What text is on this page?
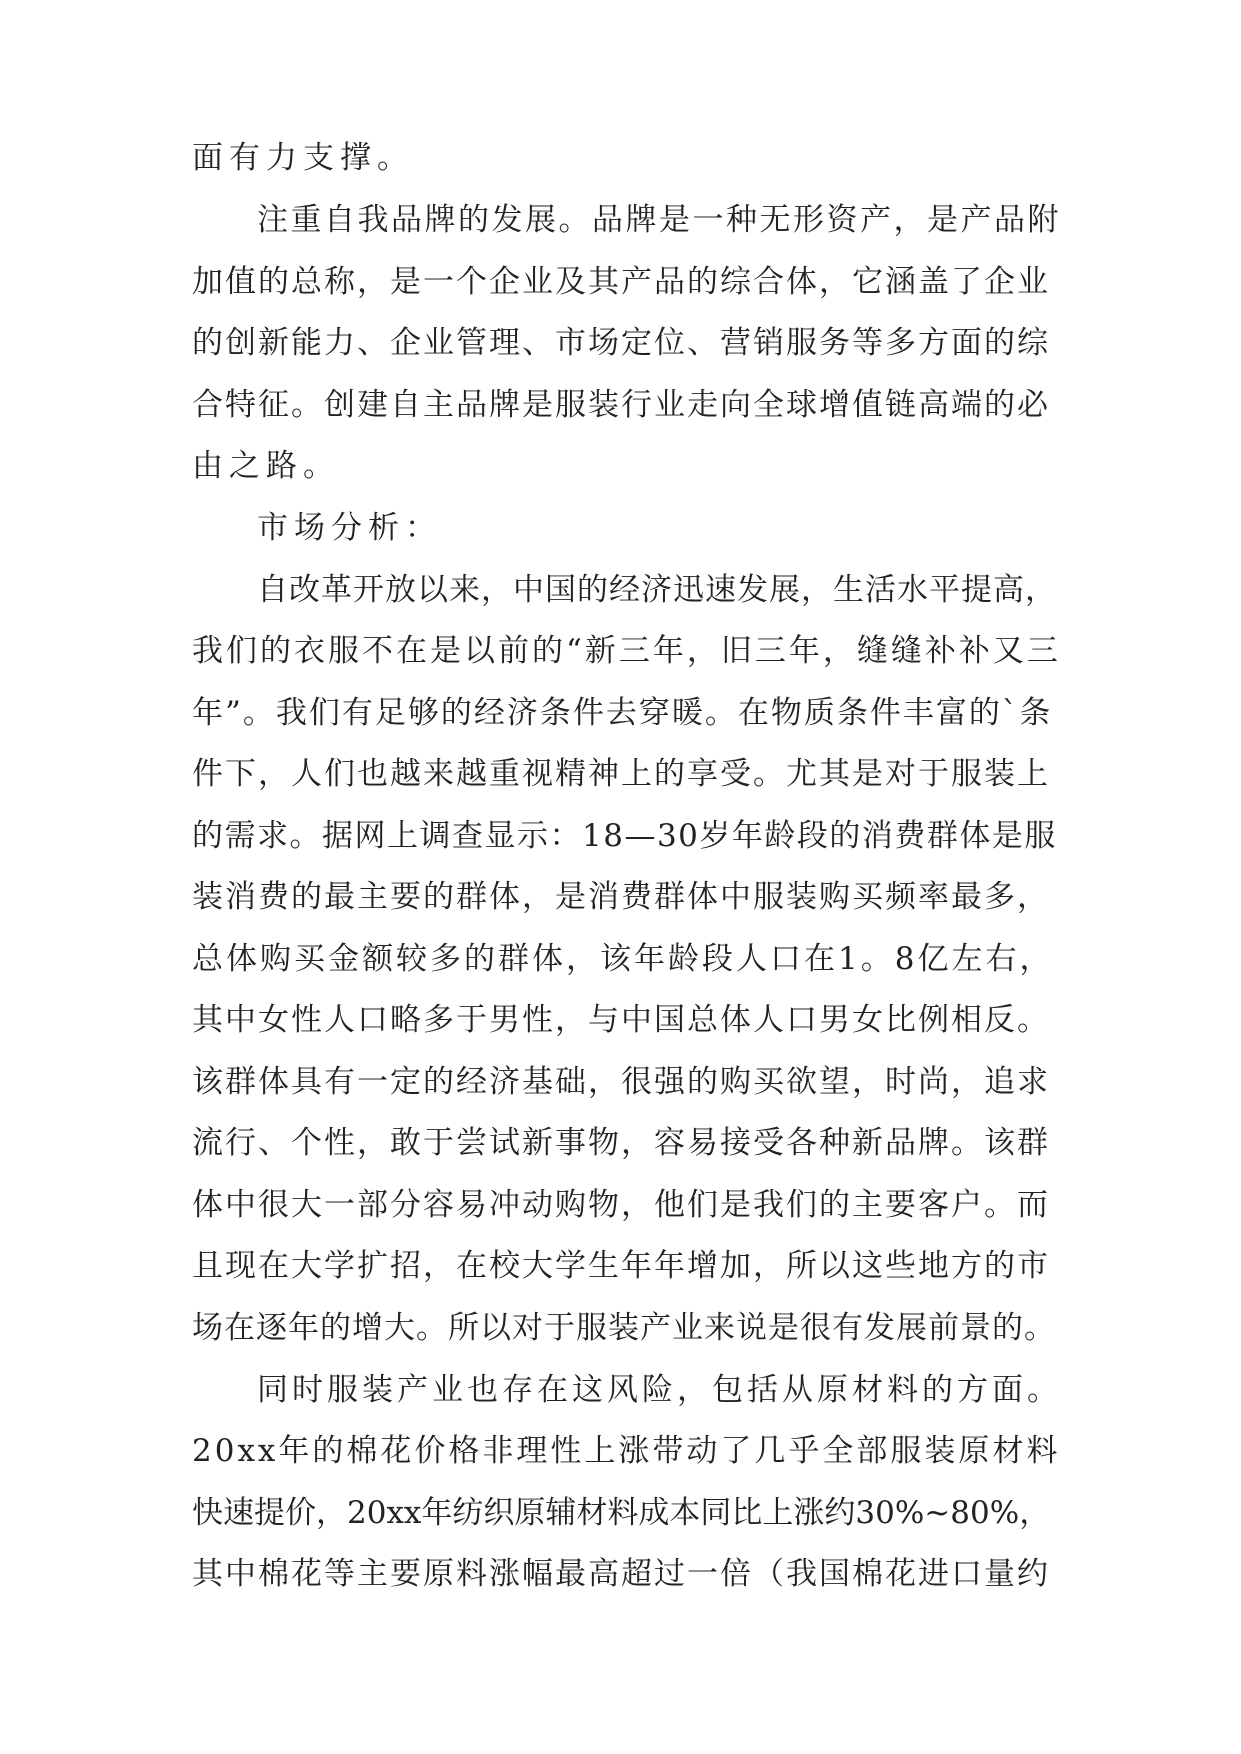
面有力支撑。
注重自我品牌的发展。品牌是一种无形资产，是产品附
加值的总称，是一个企业及其产品的综合体，它涵盖了企业
的创新能力、企业管理、市场定位、营销服务等多方面的综
合特征。创建自主品牌是服装行业走向全球增值链高端的必
由之路。
市场分析：
自改革开放以来，中国的经济迅速发展，生活水平提高，
我们的衣服不在是以前的“新三年，旧三年，缝缝补补又三
年”。我们有足够的经济条件去穿暖。在物质条件丰富的`条
件下，人们也越来越重视精神上的享受。尤其是对于服装上
的需求。据网上调查显示：18—30岁年龄段的消费群体是服
装消费的最主要的群体，是消费群体中服装购买频率最多，
总体购买金额较多的群体，该年龄段人口在1。8亿左右，
其中女性人口略多于男性，与中国总体人口男女比例相反。
该群体具有一定的经济基础，很强的购买欲望，时尚，追求
流行、个性，敢于尝试新事物，容易接受各种新品牌。该群
体中很大一部分容易冲动购物，他们是我们的主要客户。而
且现在大学扩招，在校大学生年年增加，所以这些地方的市
场在逐年的增大。所以对于服装产业来说是很有发展前景的。
同时服装产业也存在这风险，包括从原材料的方面。
20xx年的棉花价格非理性上涨带动了几乎全部服装原材料
快速提价，20xx年纺织原辅材料成本同比上涨约30%~80%，
其中棉花等主要原料涨幅最高超过一倍（我国棉花进口量约
